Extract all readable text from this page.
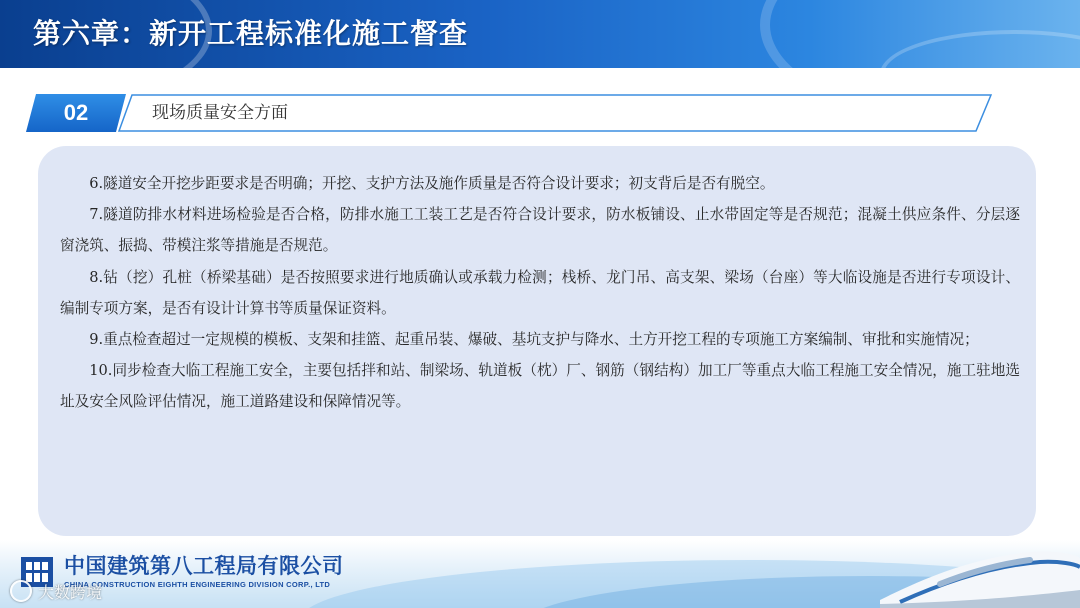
第六章：新开工程标准化施工督查
02	现场质量安全方面

6.隧道安全开挖步距要求是否明确；开挖、支护方法及施作质量是否符合设计要求；初支背后是否有脱空。

7.隧道防排水材料进场检验是否合格，防排水施工工装工艺是否符合设计要求，防水板铺设、止水带固定等是否规范；混凝土供应条件、分层逐窗浇筑、振捣、带模注浆等措施是否规范。

8.钻（挖）孔桩（桥梁基础）是否按照要求进行地质确认或承载力检测；栈桥、龙门吊、高支架、梁场（台座）等大临设施是否进行专项设计、编制专项方案，是否有设计计算书等质量保证资料。

9.重点检查超过一定规模的模板、支架和挂篮、起重吊装、爆破、基坑支护与降水、土方开挖工程的专项施工方案编制、审批和实施情况；

10.同步检查大临工程施工安全，主要包括拌和站、制梁场、轨道板（枕）厂、钢筋（钢结构）加工厂等重点大临工程施工安全情况，施工驻地选址及安全风险评估情况，施工道路建设和保障情况等。

中国建筑第八工程局有限公司
CHINA CONSTRUCTION EIGHTH ENGINEERING DIVISION CORP., LTD
大数跨境
